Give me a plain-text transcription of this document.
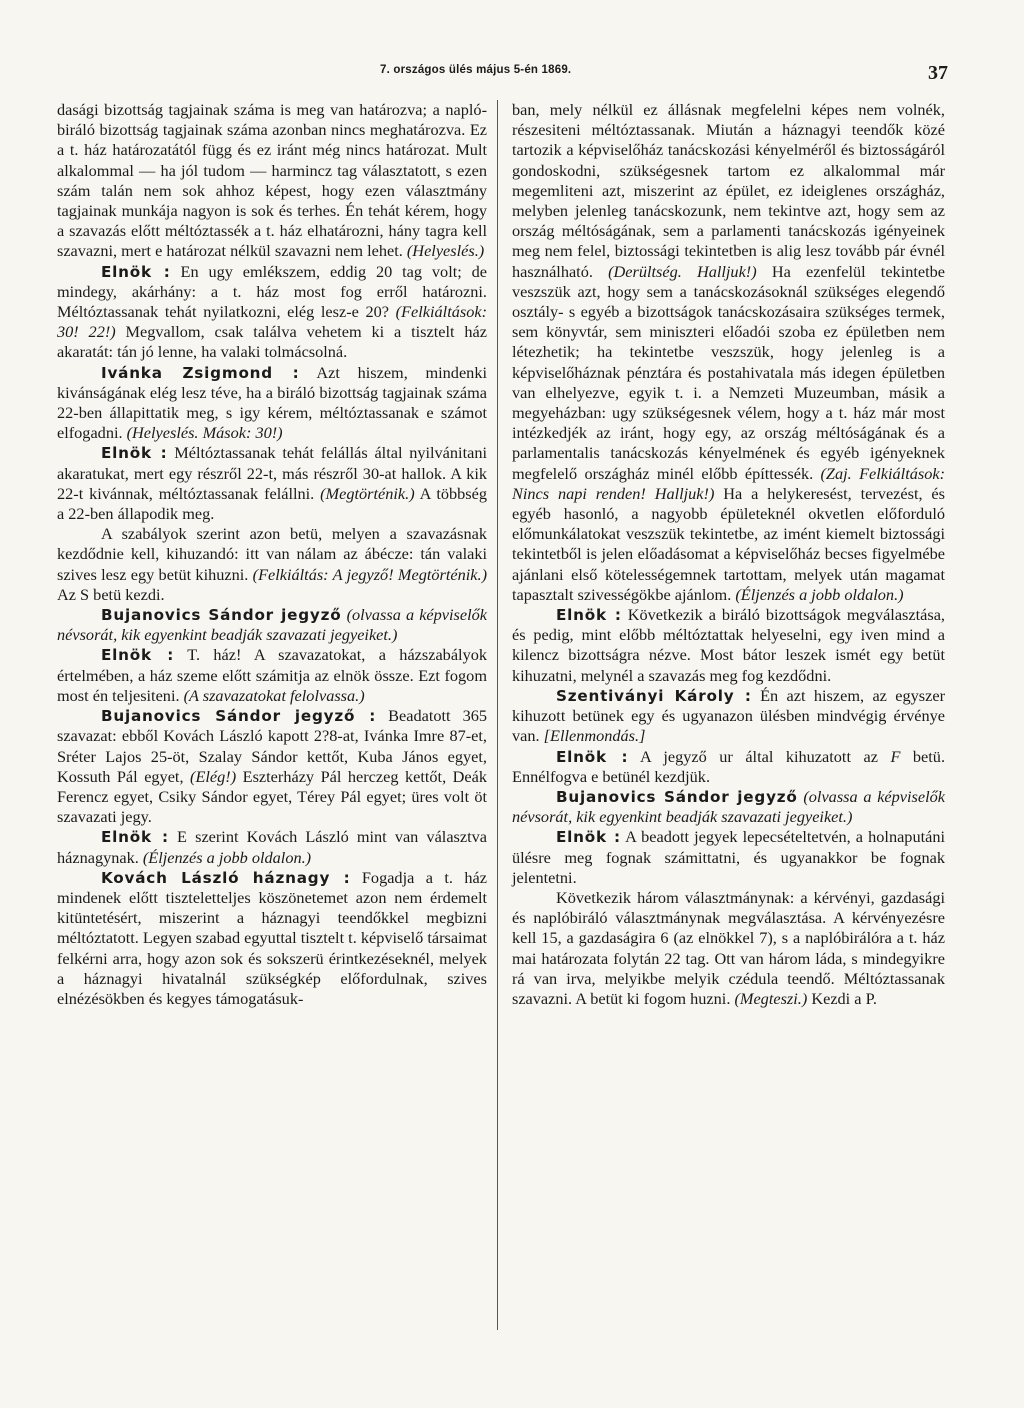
7. országos ülés május 5-én 1869.	37

dasági bizottság tagjainak száma is meg van határozva; a napló-biráló bizottság tagjainak száma azonban nincs meghatározva. Ez a t. ház határozatától függ és ez iránt még nincs határozat. Mult alkalommal — ha jól tudom — harmincz tag választatott, s ezen szám talán nem sok ahhoz képest, hogy ezen választmány tagjainak munkája nagyon is sok és terhes. Én tehát kérem, hogy a szavazás előtt méltóztassék a t. ház elhatározni, hány tagra kell szavazni, mert e határozat nélkül szavazni nem lehet. (Helyeslés.)

Elnök : En ugy emlékszem, eddig 20 tag volt; de mindegy, akárhány: a t. ház most fog erről határozni. Méltóztassanak tehát nyilatkozni, elég lesz-e 20? (Felkiáltások: 30! 22!) Megvallom, csak találva vehetem ki a tisztelt ház akaratát: tán jó lenne, ha valaki tolmácsolná.

Ivánka Zsigmond : Azt hiszem, mindenki kivánságának elég lesz téve, ha a biráló bizottság tagjainak száma 22-ben állapittatik meg, s igy kérem, méltóztassanak e számot elfogadni. (Helyeslés. Mások: 30!)

Elnök : Méltóztassanak tehát felállás által nyilvánitani akaratukat, mert egy részről 22-t, más részről 30-at hallok. A kik 22-t kivánnak, méltóztassanak felállni. (Megtörténik.) A többség a 22-ben állapodik meg.

A szabályok szerint azon betü, melyen a szavazásnak kezdődnie kell, kihuzandó: itt van nálam az ábécze: tán valaki szives lesz egy betüt kihuzni. (Felkiáltás: A jegyző! Megtörténik.) Az S betü kezdi.

Bujanovics Sándor jegyző (olvassa a képviselők névsorát, kik egyenkint beadják szavazati jegyeiket.)

Elnök : T. ház! A szavazatokat, a házszabályok értelmében, a ház szeme előtt számitja az elnök össze. Ezt fogom most én teljesiteni. (A szavazatokat felolvassa.)

Bujanovics Sándor jegyző : Beadatott 365 szavazat: ebből Kovách László kapott 2?8-at, Ivánka Imre 87-et, Sréter Lajos 25-öt, Szalay Sándor kettőt, Kuba János egyet, Kossuth Pál egyet, (Elég!) Eszterházy Pál herczeg kettőt, Deák Ferencz egyet, Csiky Sándor egyet, Térey Pál egyet; üres volt öt szavazati jegy.

Elnök : E szerint Kovách László mint van választva háznagynak. (Éljenzés a jobb oldalon.)

Kovách László háznagy : Fogadja a t. ház mindenek előtt tiszteletteljes köszönetemet azon nem érdemelt kitüntetésért, miszerint a háznagyi teendőkkel megbizni méltóztatott. Legyen szabad egyuttal tisztelt t. képviselő társaimat felkérni arra, hogy azon sok és sokszerü érintkezéseknél, melyek a háznagyi hivatalnál szükségkép előfordulnak, szives elnézésökben és kegyes támogatásuk-

ban, mely nélkül ez állásnak megfelelni képes nem volnék, részesiteni méltóztassanak. Miután a háznagyi teendők közé tartozik a képviselőház tanácskozási kényelméről és biztosságáról gondoskodni, szükségesnek tartom ez alkalommal már megemliteni azt, miszerint az épület, ez ideiglenes országház, melyben jelenleg tanácskozunk, nem tekintve azt, hogy sem az ország méltóságának, sem a parlamenti tanácskozás igényeinek meg nem felel, biztossági tekintetben is alig lesz tovább pár évnél használható. (Derültség. Halljuk!) Ha ezenfelül tekintetbe veszszük azt, hogy sem a tanácskozásoknál szükséges elegendő osztály- s egyéb a bizottságok tanácskozásaira szükséges termek, sem könyvtár, sem miniszteri előadói szoba ez épületben nem létezhetik; ha tekintetbe veszszük, hogy jelenleg is a képviselőháznak pénztára és postahivatala más idegen épületben van elhelyezve, egyik t. i. a Nemzeti Muzeumban, másik a megyeházban: ugy szükségesnek vélem, hogy a t. ház már most intézkedjék az iránt, hogy egy, az ország méltóságának és a parlamentalis tanácskozás kényelmének és egyéb igényeknek megfelelő országház minél előbb építtessék. (Zaj. Felkiáltások: Nincs napi renden! Halljuk!) Ha a helykeresést, tervezést, és egyéb hasonló, a nagyobb épületeknél okvetlen előforduló előmunkálatokat veszszük tekintetbe, az imént kiemelt biztossági tekintetből is jelen előadásomat a képviselőház becses figyelmébe ajánlani első kötelességemnek tartottam, melyek után magamat tapasztalt szivességökbe ajánlom. (Éljenzés a jobb oldalon.)

Elnök : Következik a biráló bizottságok megválasztása, és pedig, mint előbb méltóztattak helyeselni, egy iven mind a kilencz bizottságra nézve. Most bátor leszek ismét egy betüt kihuzatni, melynél a szavazás meg fog kezdődni.

Szentiványi Károly : Én azt hiszem, az egyszer kihuzott betünek egy és ugyanazon ülésben mindvégig érvénye van. [Ellenmondás.]

Elnök : A jegyző ur által kihuzatott az F betü. Ennélfogva e betünél kezdjük.

Bujanovics Sándor jegyző (olvassa a képviselők névsorát, kik egyenkint beadják szavazati jegyeiket.)

Elnök : A beadott jegyek lepecsételtetvén, a holnaputáni ülésre meg fognak számittatni, és ugyanakkor be fognak jelentetni.

Következik három választmánynak: a kérvényi, gazdasági és naplóbiráló választmánynak megválasztása. A kérvényezésre kell 15, a gazdaságira 6 (az elnökkel 7), s a naplóbirálóra a t. ház mai határozata folytán 22 tag. Ott van három láda, s mindegyikre rá van irva, melyikbe melyik czédula teendő. Méltóztassanak szavazni. A betüt ki fogom huzni. (Megteszi.) Kezdi a P.
